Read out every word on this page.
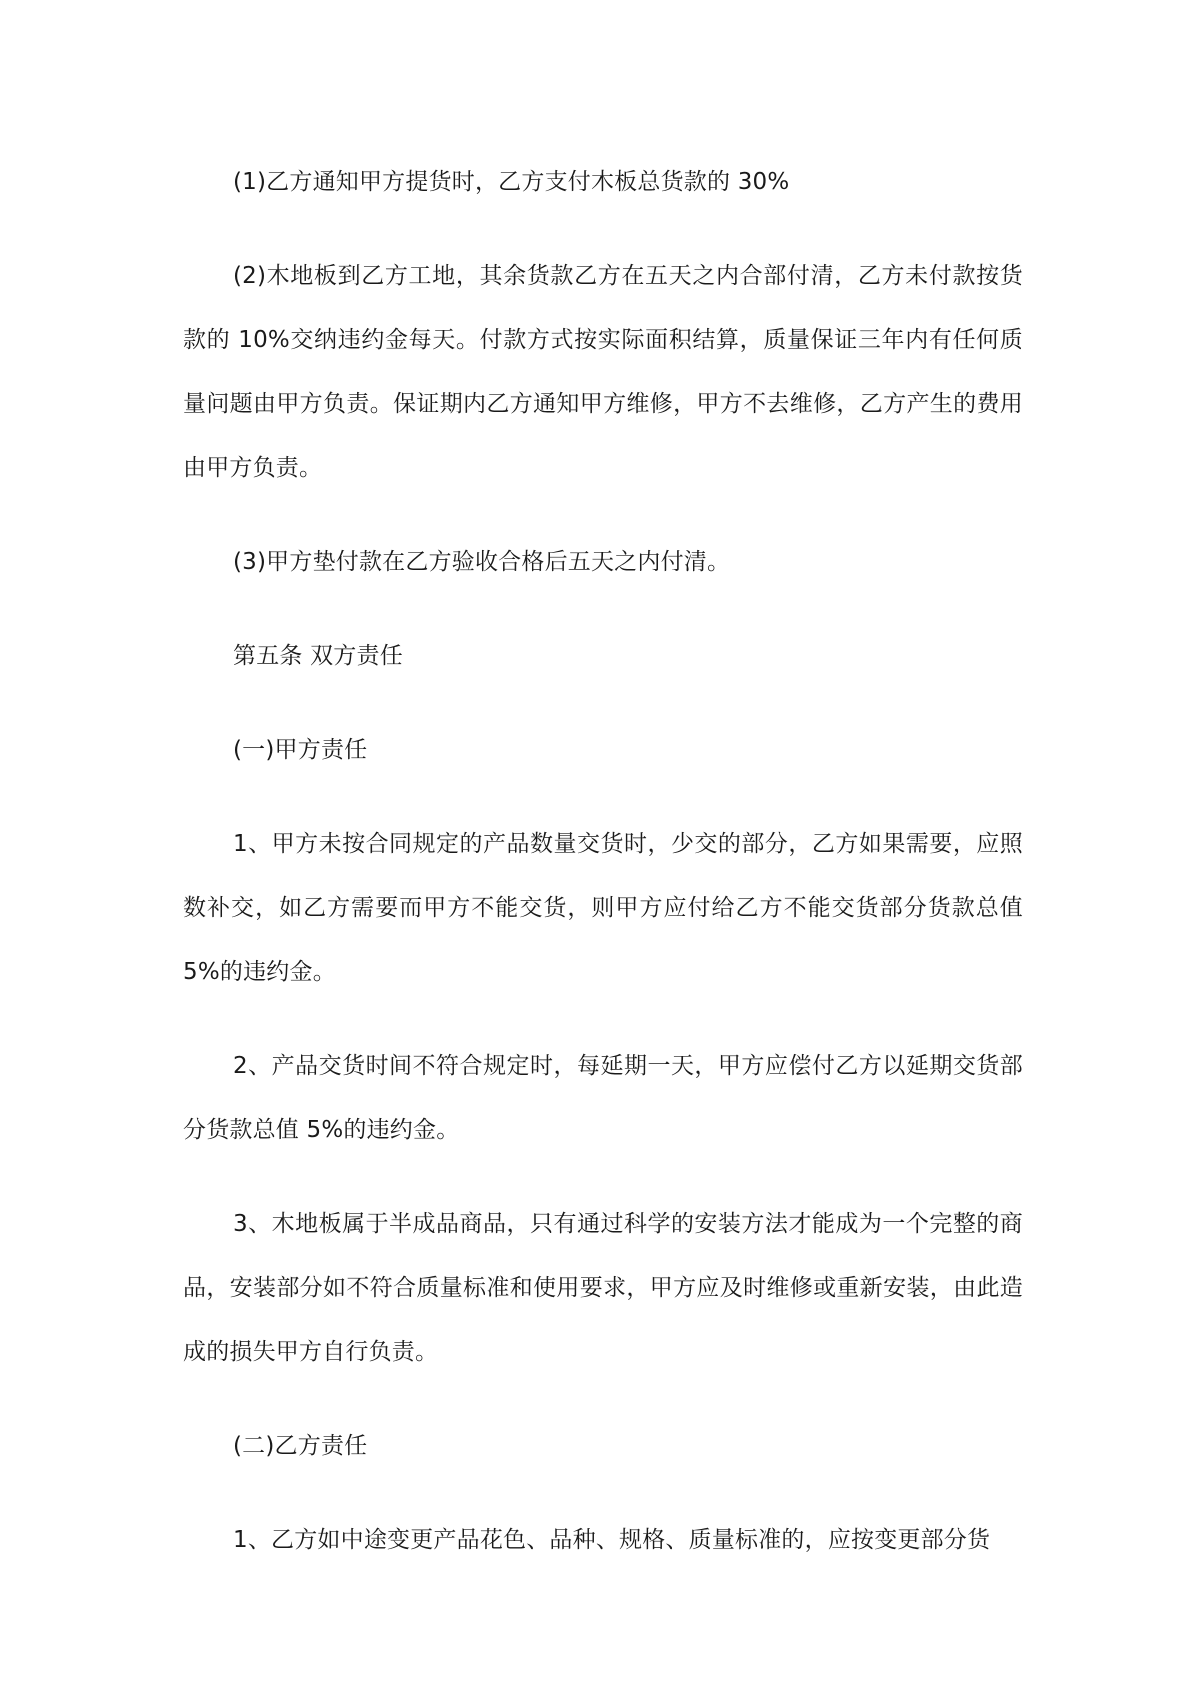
(1)乙方通知甲方提货时，乙方支付木板总货款的 30%

(2)木地板到乙方工地，其余货款乙方在五天之内合部付清，乙方未付款按货款的 10%交纳违约金每天。付款方式按实际面积结算，质量保证三年内有任何质量问题由甲方负责。保证期内乙方通知甲方维修，甲方不去维修，乙方产生的费用由甲方负责。

(3)甲方垫付款在乙方验收合格后五天之内付清。

第五条 双方责任

(一)甲方责任

1、甲方未按合同规定的产品数量交货时，少交的部分，乙方如果需要，应照数补交，如乙方需要而甲方不能交货，则甲方应付给乙方不能交货部分货款总值 5%的违约金。

2、产品交货时间不符合规定时，每延期一天，甲方应偿付乙方以延期交货部分货款总值 5%的违约金。

3、木地板属于半成品商品，只有通过科学的安装方法才能成为一个完整的商品，安装部分如不符合质量标准和使用要求，甲方应及时维修或重新安装，由此造成的损失甲方自行负责。

(二)乙方责任

1、乙方如中途变更产品花色、品种、规格、质量标准的，应按变更部分货
